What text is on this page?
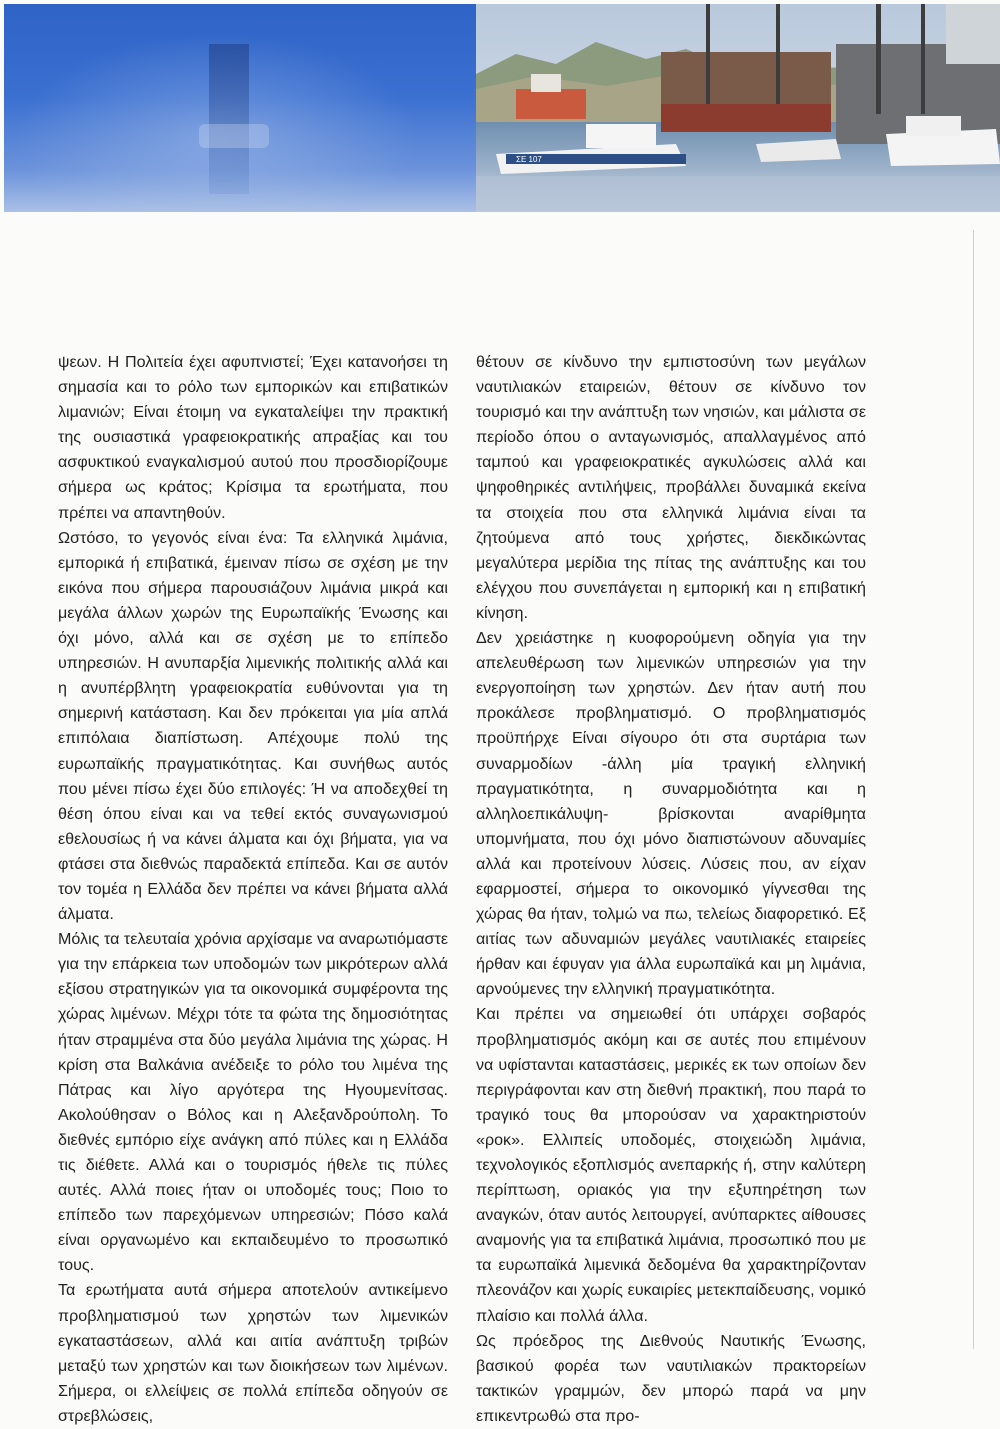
ΣΕ 107

ψεων. Η Πολιτεία έχει αφυπνιστεί; Έχει κατανοήσει τη σημασία και το ρόλο των εμπορικών και επιβατικών λιμανιών; Είναι έτοιμη να εγκαταλείψει την πρακτική της ουσιαστικά γραφειοκρατικής απραξίας και του ασφυκτικού εναγκαλισμού αυτού που προσδιορίζουμε σήμερα ως κράτος; Κρίσιμα τα ερωτήματα, που πρέπει να απαντηθούν.

Ωστόσο, το γεγονός είναι ένα: Τα ελληνικά λιμάνια, εμπορικά ή επιβατικά, έμειναν πίσω σε σχέση με την εικόνα που σήμερα παρουσιάζουν λιμάνια μικρά και μεγάλα άλλων χωρών της Ευρωπαϊκής Ένωσης και όχι μόνο, αλλά και σε σχέση με το επίπεδο υπηρεσιών. Η ανυπαρξία λιμενικής πολιτικής αλλά και η ανυπέρβλητη γραφειοκρατία ευθύνονται για τη σημερινή κατάσταση. Και δεν πρόκειται για μία απλά επιπόλαια διαπίστωση. Απέχουμε πολύ της ευρωπαϊκής πραγματικότητας. Και συνήθως αυτός που μένει πίσω έχει δύο επιλογές: Ή να αποδεχθεί τη θέση όπου είναι και να τεθεί εκτός συναγωνισμού εθελουσίως ή να κάνει άλματα και όχι βήματα, για να φτάσει στα διεθνώς παραδεκτά επίπεδα. Και σε αυτόν τον τομέα η Ελλάδα δεν πρέπει να κάνει βήματα αλλά άλματα.

Μόλις τα τελευταία χρόνια αρχίσαμε να αναρωτιόμαστε για την επάρκεια των υποδομών των μικρότερων αλλά εξίσου στρατηγικών για τα οικονομικά συμφέροντα της χώρας λιμένων. Μέχρι τότε τα φώτα της δημοσιότητας ήταν στραμμένα στα δύο μεγάλα λιμάνια της χώρας. Η κρίση στα Βαλκάνια ανέδειξε το ρόλο του λιμένα της Πάτρας και λίγο αργότερα της Ηγουμενίτσας. Ακολούθησαν ο Βόλος και η Αλεξανδρούπολη. Το διεθνές εμπόριο είχε ανάγκη από πύλες και η Ελλάδα τις διέθετε. Αλλά και ο τουρισμός ήθελε τις πύλες αυτές. Αλλά ποιες ήταν οι υποδομές τους; Ποιο το επίπεδο των παρεχόμενων υπηρεσιών; Πόσο καλά είναι οργανωμένο και εκπαιδευμένο το προσωπικό τους.

Τα ερωτήματα αυτά σήμερα αποτελούν αντικείμενο προβληματισμού των χρηστών των λιμενικών εγκαταστάσεων, αλλά και αιτία ανάπτυξη τριβών μεταξύ των χρηστών και των διοικήσεων των λιμένων. Σήμερα, οι ελλείψεις σε πολλά επίπεδα οδηγούν σε στρεβλώσεις,

θέτουν σε κίνδυνο την εμπιστοσύνη των μεγάλων ναυτιλιακών εταιρειών, θέτουν σε κίνδυνο τον τουρισμό και την ανάπτυξη των νησιών, και μάλιστα σε περίοδο όπου ο ανταγωνισμός, απαλλαγμένος από ταμπού και γραφειοκρατικές αγκυλώσεις αλλά και ψηφοθηρικές αντιλήψεις, προβάλλει δυναμικά εκείνα τα στοιχεία που στα ελληνικά λιμάνια είναι τα ζητούμενα από τους χρήστες, διεκδικώντας μεγαλύτερα μερίδια της πίτας της ανάπτυξης και του ελέγχου που συνεπάγεται η εμπορική και η επιβατική κίνηση.

Δεν χρειάστηκε η κυοφορούμενη οδηγία για την απελευθέρωση των λιμενικών υπηρεσιών για την ενεργοποίηση των χρηστών. Δεν ήταν αυτή που προκάλεσε προβληματισμό. Ο προβληματισμός προϋπήρχε Είναι σίγουρο ότι στα συρτάρια των συναρμοδίων -άλλη μία τραγική ελληνική πραγματικότητα, η συναρμοδιότητα και η αλληλοεπικάλυψη- βρίσκονται αναρίθμητα υπομνήματα, που όχι μόνο διαπιστώνουν αδυναμίες αλλά και προτείνουν λύσεις. Λύσεις που, αν είχαν εφαρμοστεί, σήμερα το οικονομικό γίγνεσθαι της χώρας θα ήταν, τολμώ να πω, τελείως διαφορετικό. Εξ αιτίας των αδυναμιών μεγάλες ναυτιλιακές εταιρείες ήρθαν και έφυγαν για άλλα ευρωπαϊκά και μη λιμάνια, αρνούμενες την ελληνική πραγματικότητα.

Και πρέπει να σημειωθεί ότι υπάρχει σοβαρός προβληματισμός ακόμη και σε αυτές που επιμένουν να υφίστανται καταστάσεις, μερικές εκ των οποίων δεν περιγράφονται καν στη διεθνή πρακτική, που παρά το τραγικό τους θα μπορούσαν να χαρακτηριστούν «ροκ». Ελλιπείς υποδομές, στοιχειώδη λιμάνια, τεχνολογικός εξοπλισμός ανεπαρκής ή, στην καλύτερη περίπτωση, οριακός για την εξυπηρέτηση των αναγκών, όταν αυτός λειτουργεί, ανύπαρκτες αίθουσες αναμονής για τα επιβατικά λιμάνια, προσωπικό που με τα ευρωπαϊκά λιμενικά δεδομένα θα χαρακτηρίζονταν πλεονάζον και χωρίς ευκαιρίες μετεκπαίδευσης, νομικό πλαίσιο και πολλά άλλα.

Ως πρόεδρος της Διεθνούς Ναυτικής Ένωσης, βασικού φορέα των ναυτιλιακών πρακτορείων τακτικών γραμμών, δεν μπορώ παρά να μην επικεντρωθώ στα προ-
